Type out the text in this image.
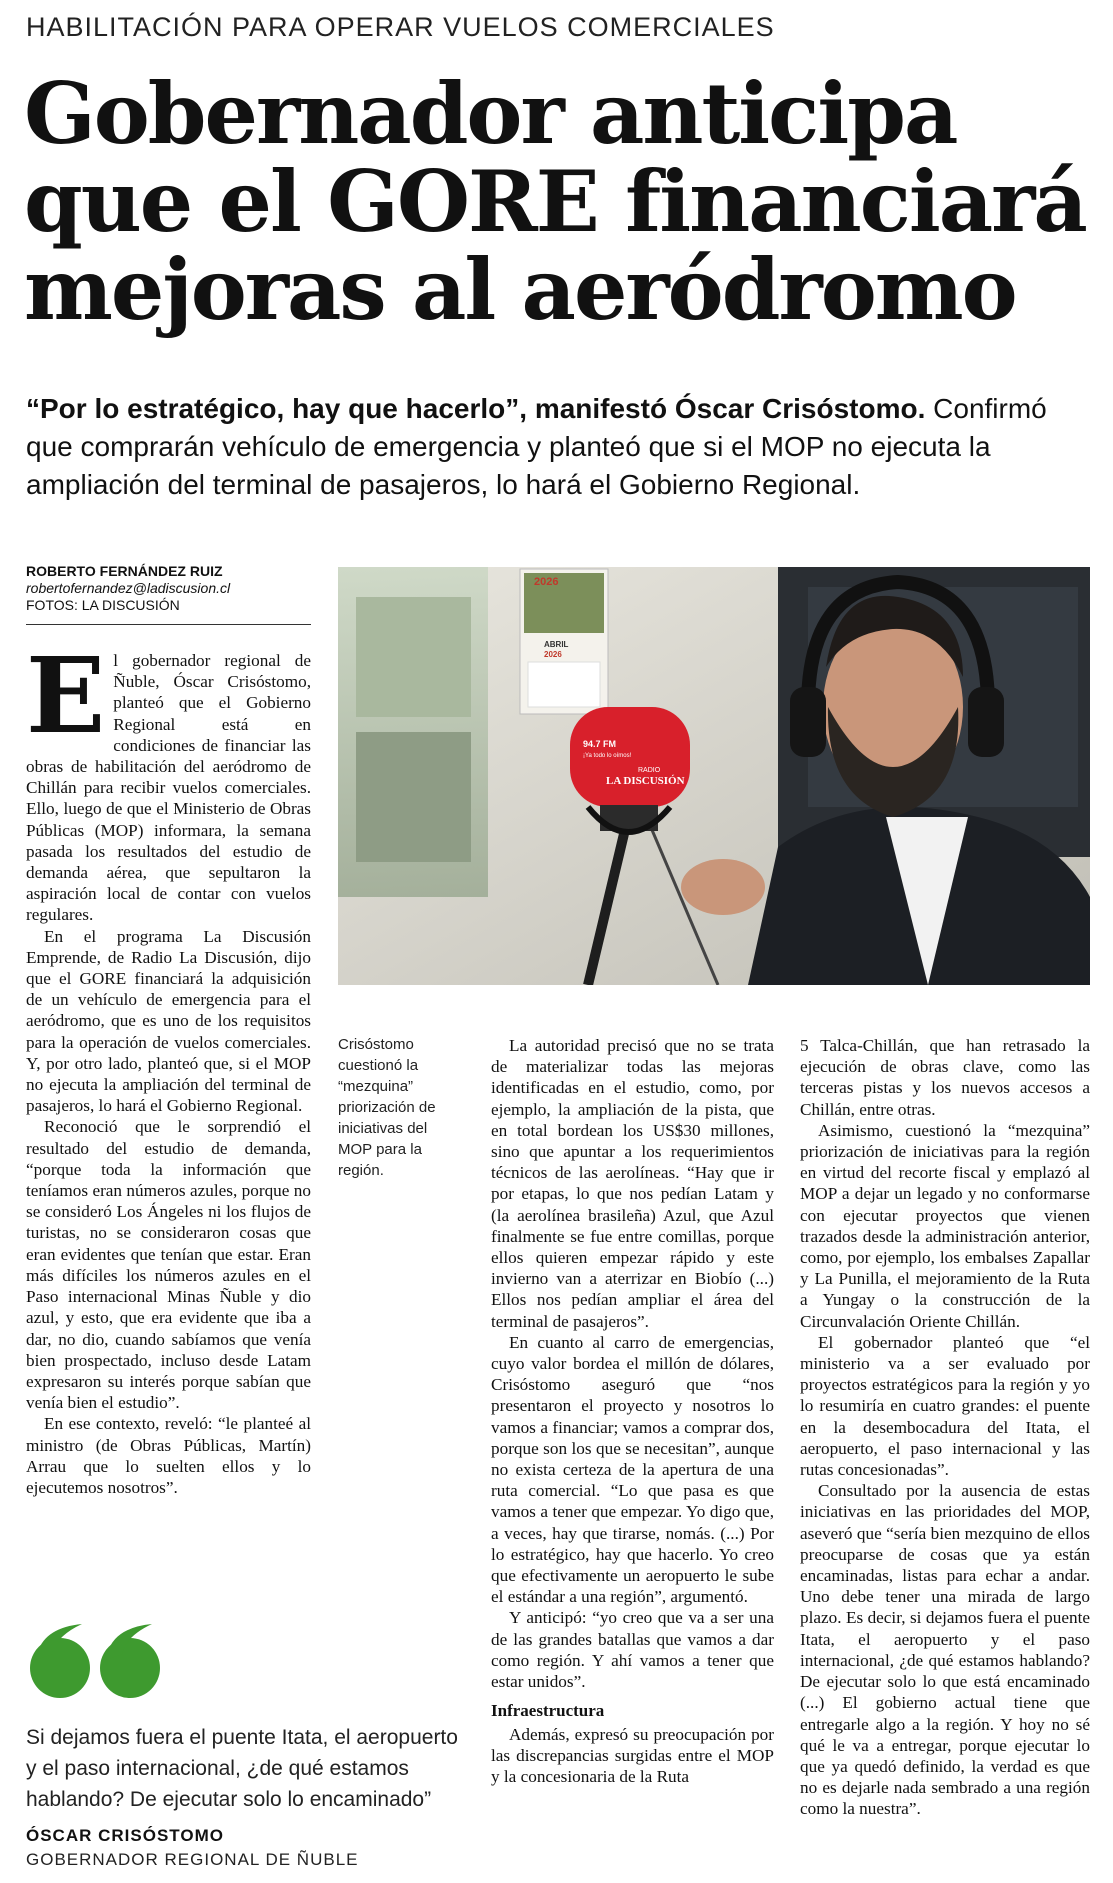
HABILITACIÓN PARA OPERAR VUELOS COMERCIALES
Gobernador anticipa que el GORE financiará mejoras al aeródromo

“Por lo estratégico, hay que hacerlo”, manifestó Óscar Crisóstomo. Confirmó que comprarán vehículo de emergencia y planteó que si el MOP no ejecuta la ampliación del terminal de pasajeros, lo hará el Gobierno Regional.

ROBERTO FERNÁNDEZ RUIZ
robertofernandez@ladiscusion.cl
FOTOS: LA DISCUSIÓN

El gobernador regional de Ñuble, Óscar Crisóstomo, planteó que el Gobierno Regional está en condiciones de financiar las obras de habilitación del aeródromo de Chillán para recibir vuelos comerciales. Ello, luego de que el Ministerio de Obras Públicas (MOP) informara, la semana pasada los resultados del estudio de demanda aérea, que sepultaron la aspiración local de contar con vuelos regulares.

En el programa La Discusión Emprende, de Radio La Discusión, dijo que el GORE financiará la adquisición de un vehículo de emergencia para el aeródromo, que es uno de los requisitos para la operación de vuelos comerciales. Y, por otro lado, planteó que, si el MOP no ejecuta la ampliación del terminal de pasajeros, lo hará el Gobierno Regional.

Reconoció que le sorprendió el resultado del estudio de demanda, “porque toda la información que teníamos eran números azules, porque no se consideró Los Ángeles ni los flujos de turistas, no se consideraron cosas que eran evidentes que tenían que estar. Eran más difíciles los números azules en el Paso internacional Minas Ñuble y dio azul, y esto, que era evidente que iba a dar, no dio, cuando sabíamos que venía bien prospectado, incluso desde Latam expresaron su interés porque sabían que venía bien el estudio”.

En ese contexto, reveló: “le planteé al ministro (de Obras Públicas, Martín) Arrau que lo suelten ellos y lo ejecutemos nosotros”.

2026
ABRIL
2026
94.7 FM
¡Ya todo lo oímos!
RADIO
LA DISCUSIÓN
Crisóstomo cuestionó la “mezquina” priorización de iniciativas del MOP para la región.

La autoridad precisó que no se trata de materializar todas las mejoras identificadas en el estudio, como, por ejemplo, la ampliación de la pista, que en total bordean los US$30 millones, sino que apuntar a los requerimientos técnicos de las aerolíneas. “Hay que ir por etapas, lo que nos pedían Latam y (la aerolínea brasileña) Azul, que Azul finalmente se fue entre comillas, porque ellos quieren empezar rápido y este invierno van a aterrizar en Biobío (...) Ellos nos pedían ampliar el área del terminal de pasajeros”.

En cuanto al carro de emergencias, cuyo valor bordea el millón de dólares, Crisóstomo aseguró que “nos presentaron el proyecto y nosotros lo vamos a financiar; vamos a comprar dos, porque son los que se necesitan”, aunque no exista certeza de la apertura de una ruta comercial. “Lo que pasa es que vamos a tener que empezar. Yo digo que, a veces, hay que tirarse, nomás. (...) Por lo estratégico, hay que hacerlo. Yo creo que efectivamente un aeropuerto le sube el estándar a una región”, argumentó.

Y anticipó: “yo creo que va a ser una de las grandes batallas que vamos a dar como región. Y ahí vamos a tener que estar unidos”.

Infraestructura

Además, expresó su preocupación por las discrepancias surgidas entre el MOP y la concesionaria de la Ruta

5 Talca-Chillán, que han retrasado la ejecución de obras clave, como las terceras pistas y los nuevos accesos a Chillán, entre otras.

Asimismo, cuestionó la “mezquina” priorización de iniciativas para la región en virtud del recorte fiscal y emplazó al MOP a dejar un legado y no conformarse con ejecutar proyectos que vienen trazados desde la administración anterior, como, por ejemplo, los embalses Zapallar y La Punilla, el mejoramiento de la Ruta a Yungay o la construcción de la Circunvalación Oriente Chillán.

El gobernador planteó que “el ministerio va a ser evaluado por proyectos estratégicos para la región y yo lo resumiría en cuatro grandes: el puente en la desembocadura del Itata, el aeropuerto, el paso internacional y las rutas concesionadas”.

Consultado por la ausencia de estas iniciativas en las prioridades del MOP, aseveró que “sería bien mezquino de ellos preocuparse de cosas que ya están encaminadas, listas para echar a andar. Uno debe tener una mirada de largo plazo. Es decir, si dejamos fuera el puente Itata, el aeropuerto y el paso internacional, ¿de qué estamos hablando? De ejecutar solo lo que está encaminado (...) El gobierno actual tiene que entregarle algo a la región. Y hoy no sé qué le va a entregar, porque ejecutar lo que ya quedó definido, la verdad es que no es dejarle nada sembrado a una región como la nuestra”.

Si dejamos fuera el puente Itata, el aeropuerto y el paso internacional, ¿de qué estamos hablando? De ejecutar solo lo encaminado”

ÓSCAR CRISÓSTOMO
GOBERNADOR REGIONAL DE ÑUBLE
